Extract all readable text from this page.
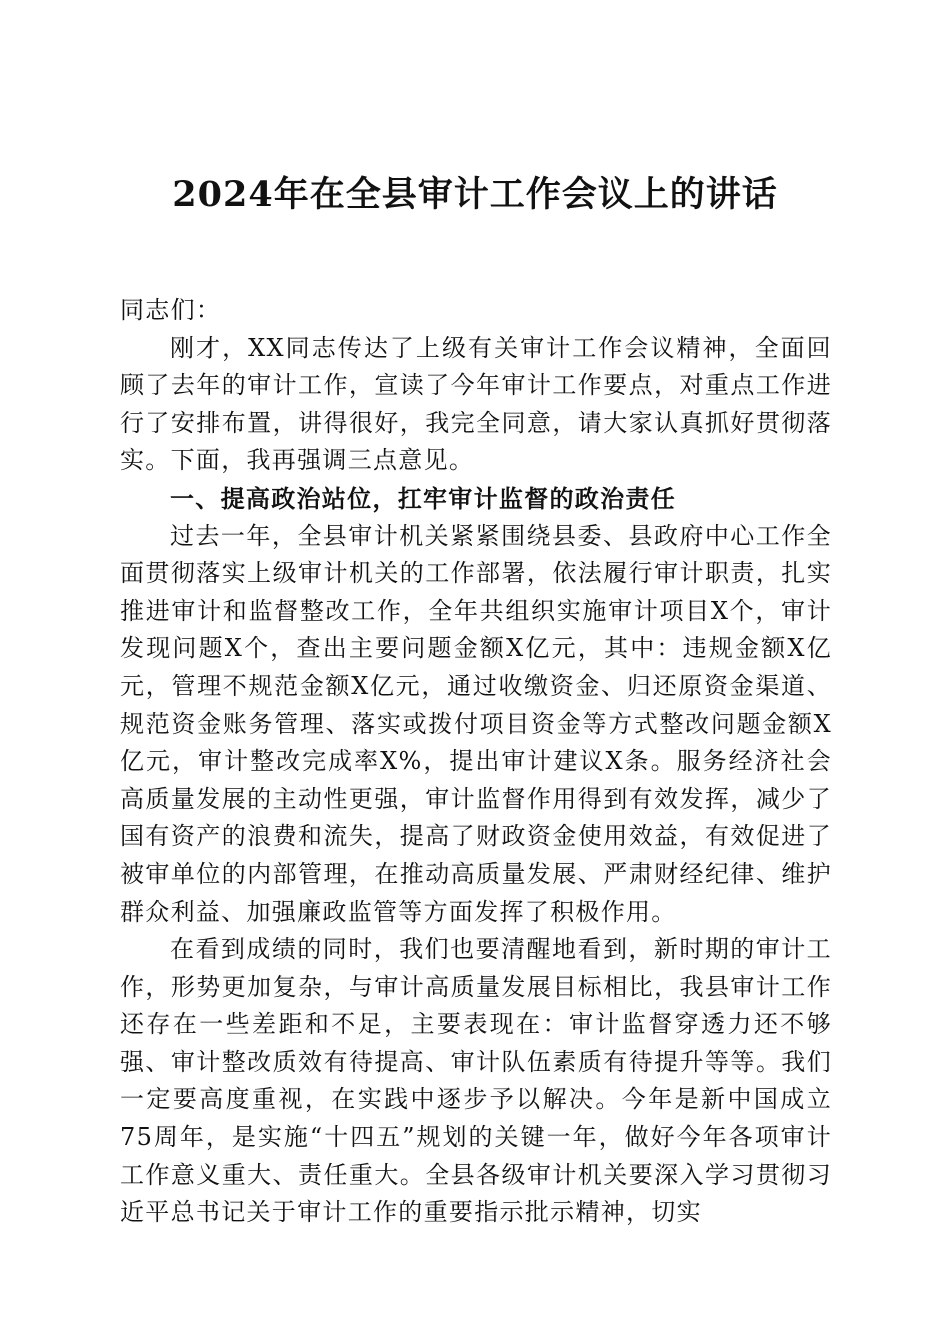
2024年在全县审计工作会议上的讲话

同志们：

刚才，XX同志传达了上级有关审计工作会议精神，全面回顾了去年的审计工作，宣读了今年审计工作要点，对重点工作进行了安排布置，讲得很好，我完全同意，请大家认真抓好贯彻落实。下面，我再强调三点意见。

一、提高政治站位，扛牢审计监督的政治责任

过去一年，全县审计机关紧紧围绕县委、县政府中心工作全面贯彻落实上级审计机关的工作部署，依法履行审计职责，扎实推进审计和监督整改工作，全年共组织实施审计项目X个，审计发现问题X个，查出主要问题金额X亿元，其中：违规金额X亿元，管理不规范金额X亿元，通过收缴资金、归还原资金渠道、规范资金账务管理、落实或拨付项目资金等方式整改问题金额X亿元，审计整改完成率X%，提出审计建议X条。服务经济社会高质量发展的主动性更强，审计监督作用得到有效发挥，减少了国有资产的浪费和流失，提高了财政资金使用效益，有效促进了被审单位的内部管理，在推动高质量发展、严肃财经纪律、维护群众利益、加强廉政监管等方面发挥了积极作用。

在看到成绩的同时，我们也要清醒地看到，新时期的审计工作，形势更加复杂，与审计高质量发展目标相比，我县审计工作还存在一些差距和不足，主要表现在：审计监督穿透力还不够强、审计整改质效有待提高、审计队伍素质有待提升等等。我们一定要高度重视，在实践中逐步予以解决。今年是新中国成立75周年，是实施“十四五”规划的关键一年，做好今年各项审计工作意义重大、责任重大。全县各级审计机关要深入学习贯彻习近平总书记关于审计工作的重要指示批示精神，切实
